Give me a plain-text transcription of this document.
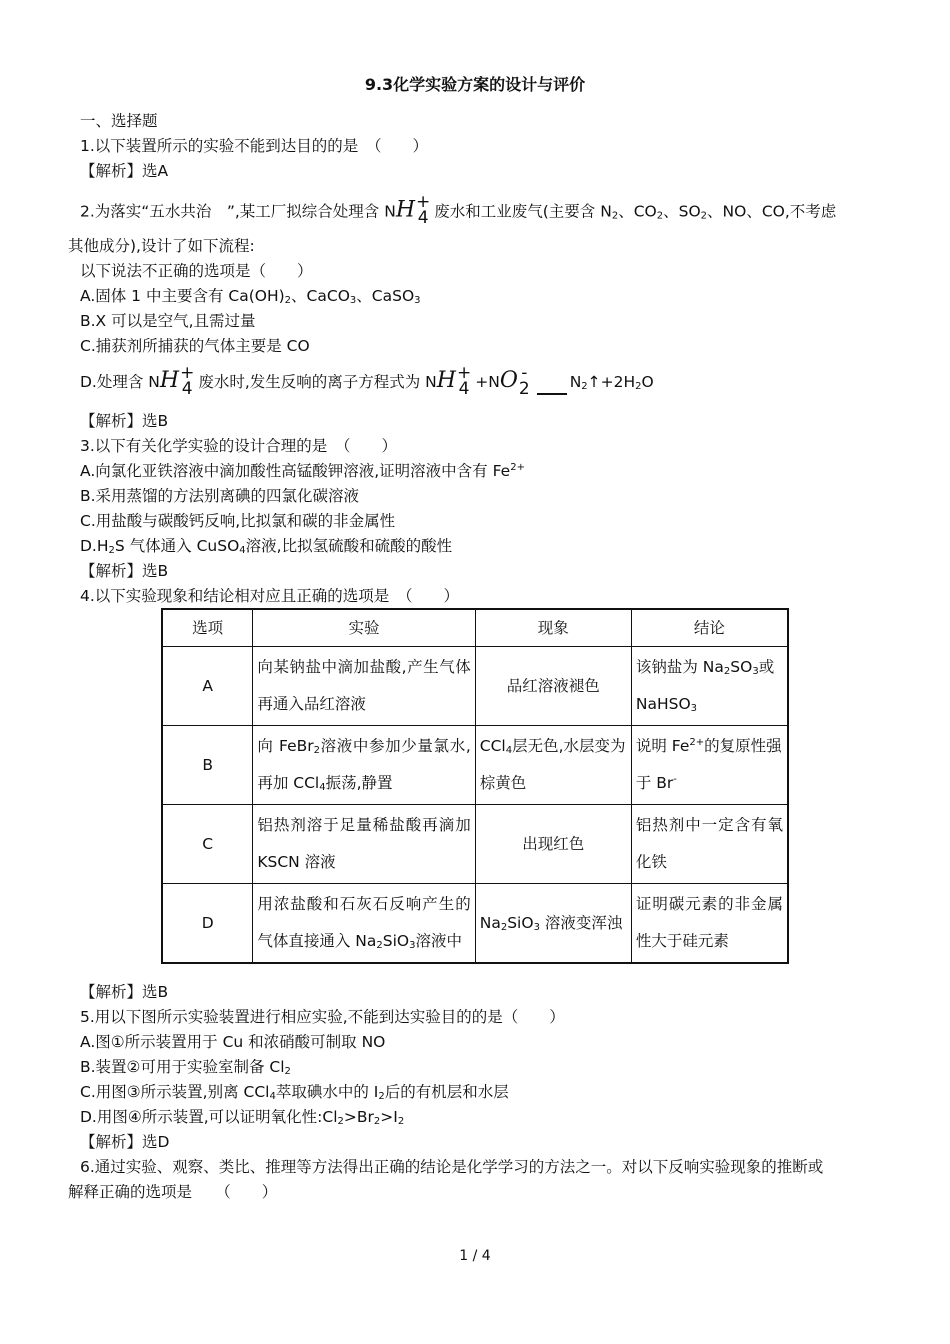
9.3化学实验方案的设计与评价
一、选择题
1.以下装置所示的实验不能到达目的的是　（　　）
【解析】选A
2.为落实“五水共治　”,某工厂拟综合处理含 NH +
4 废水和工业废气(主要含 $N_2$、$CO_2$、$SO_2$、NO、CO,不考虑
其他成分),设计了如下流程:
以下说法不正确的选项是（　　）
A.固体 1 中主要含有 $Ca(OH)_2$、CaCO$_3$、CaSO$_3$
B.X 可以是空气,且需过量
C.捕获剂所捕获的气体主要是 CO
D.处理含 NH +
4 废水时,发生反响的离子方程式为 NH +
4 +NO -
2	$N_2↑+2H_2O$
【解析】选B
3.以下有关化学实验的设计合理的是　（　　）
A.向氯化亚铁溶液中滴加酸性高锰酸钾溶液,证明溶液中含有 $Fe^{2+}$
B.采用蒸馏的方法别离碘的四氯化碳溶液
C.用盐酸与碳酸钙反响,比拟氯和碳的非金属性
$D.H_2S$ 气体通入 CuSO$_4$溶液,比拟氢硫酸和硫酸的酸性
【解析】选B
4.以下实验现象和结论相对应且正确的选项是　（　　）
选项	实验	现象	结论
A	向某钠盐中滴加盐酸,产生气体再通入品红溶液	品红溶液褪色	该钠盐为 $Na_2SO_3$或 NaHSO$_3$
B	向 FeBr$_2$溶液中参加少量氯水,再加 CCl$_4$振荡,静置	CCl$_4$层无色,水层变为棕黄色	说明 $Fe^{2+}$的复原性强于 Br-
C	铝热剂溶于足量稀盐酸再滴加 KSCN 溶液	出现红色	铝热剂中一定含有氧化铁
D	用浓盐酸和石灰石反响产生的气体直接通入 $Na_2SiO_3$溶液中	$Na_2SiO_3$ 溶液变浑浊	证明碳元素的非金属性大于硅元素
【解析】选B
5.用以下图所示实验装置进行相应实验,不能到达实验目的的是（　　）
A.图①所示装置用于 Cu 和浓硝酸可制取 NO
B.装置②可用于实验室制备 $Cl_2$
C.用图③所示装置,别离 CCl$_4$萃取碘水中的 $I_2$后的有机层和水层
D.用图④所示装置,可以证明氧化性$:Cl_2>Br_2>I_2$
【解析】选D
6.通过实验、观察、类比、推理等方法得出正确的结论是化学学习的方法之一。对以下反响实验现象的推断或
解释正确的选项是　　（　　）
1 / 4
